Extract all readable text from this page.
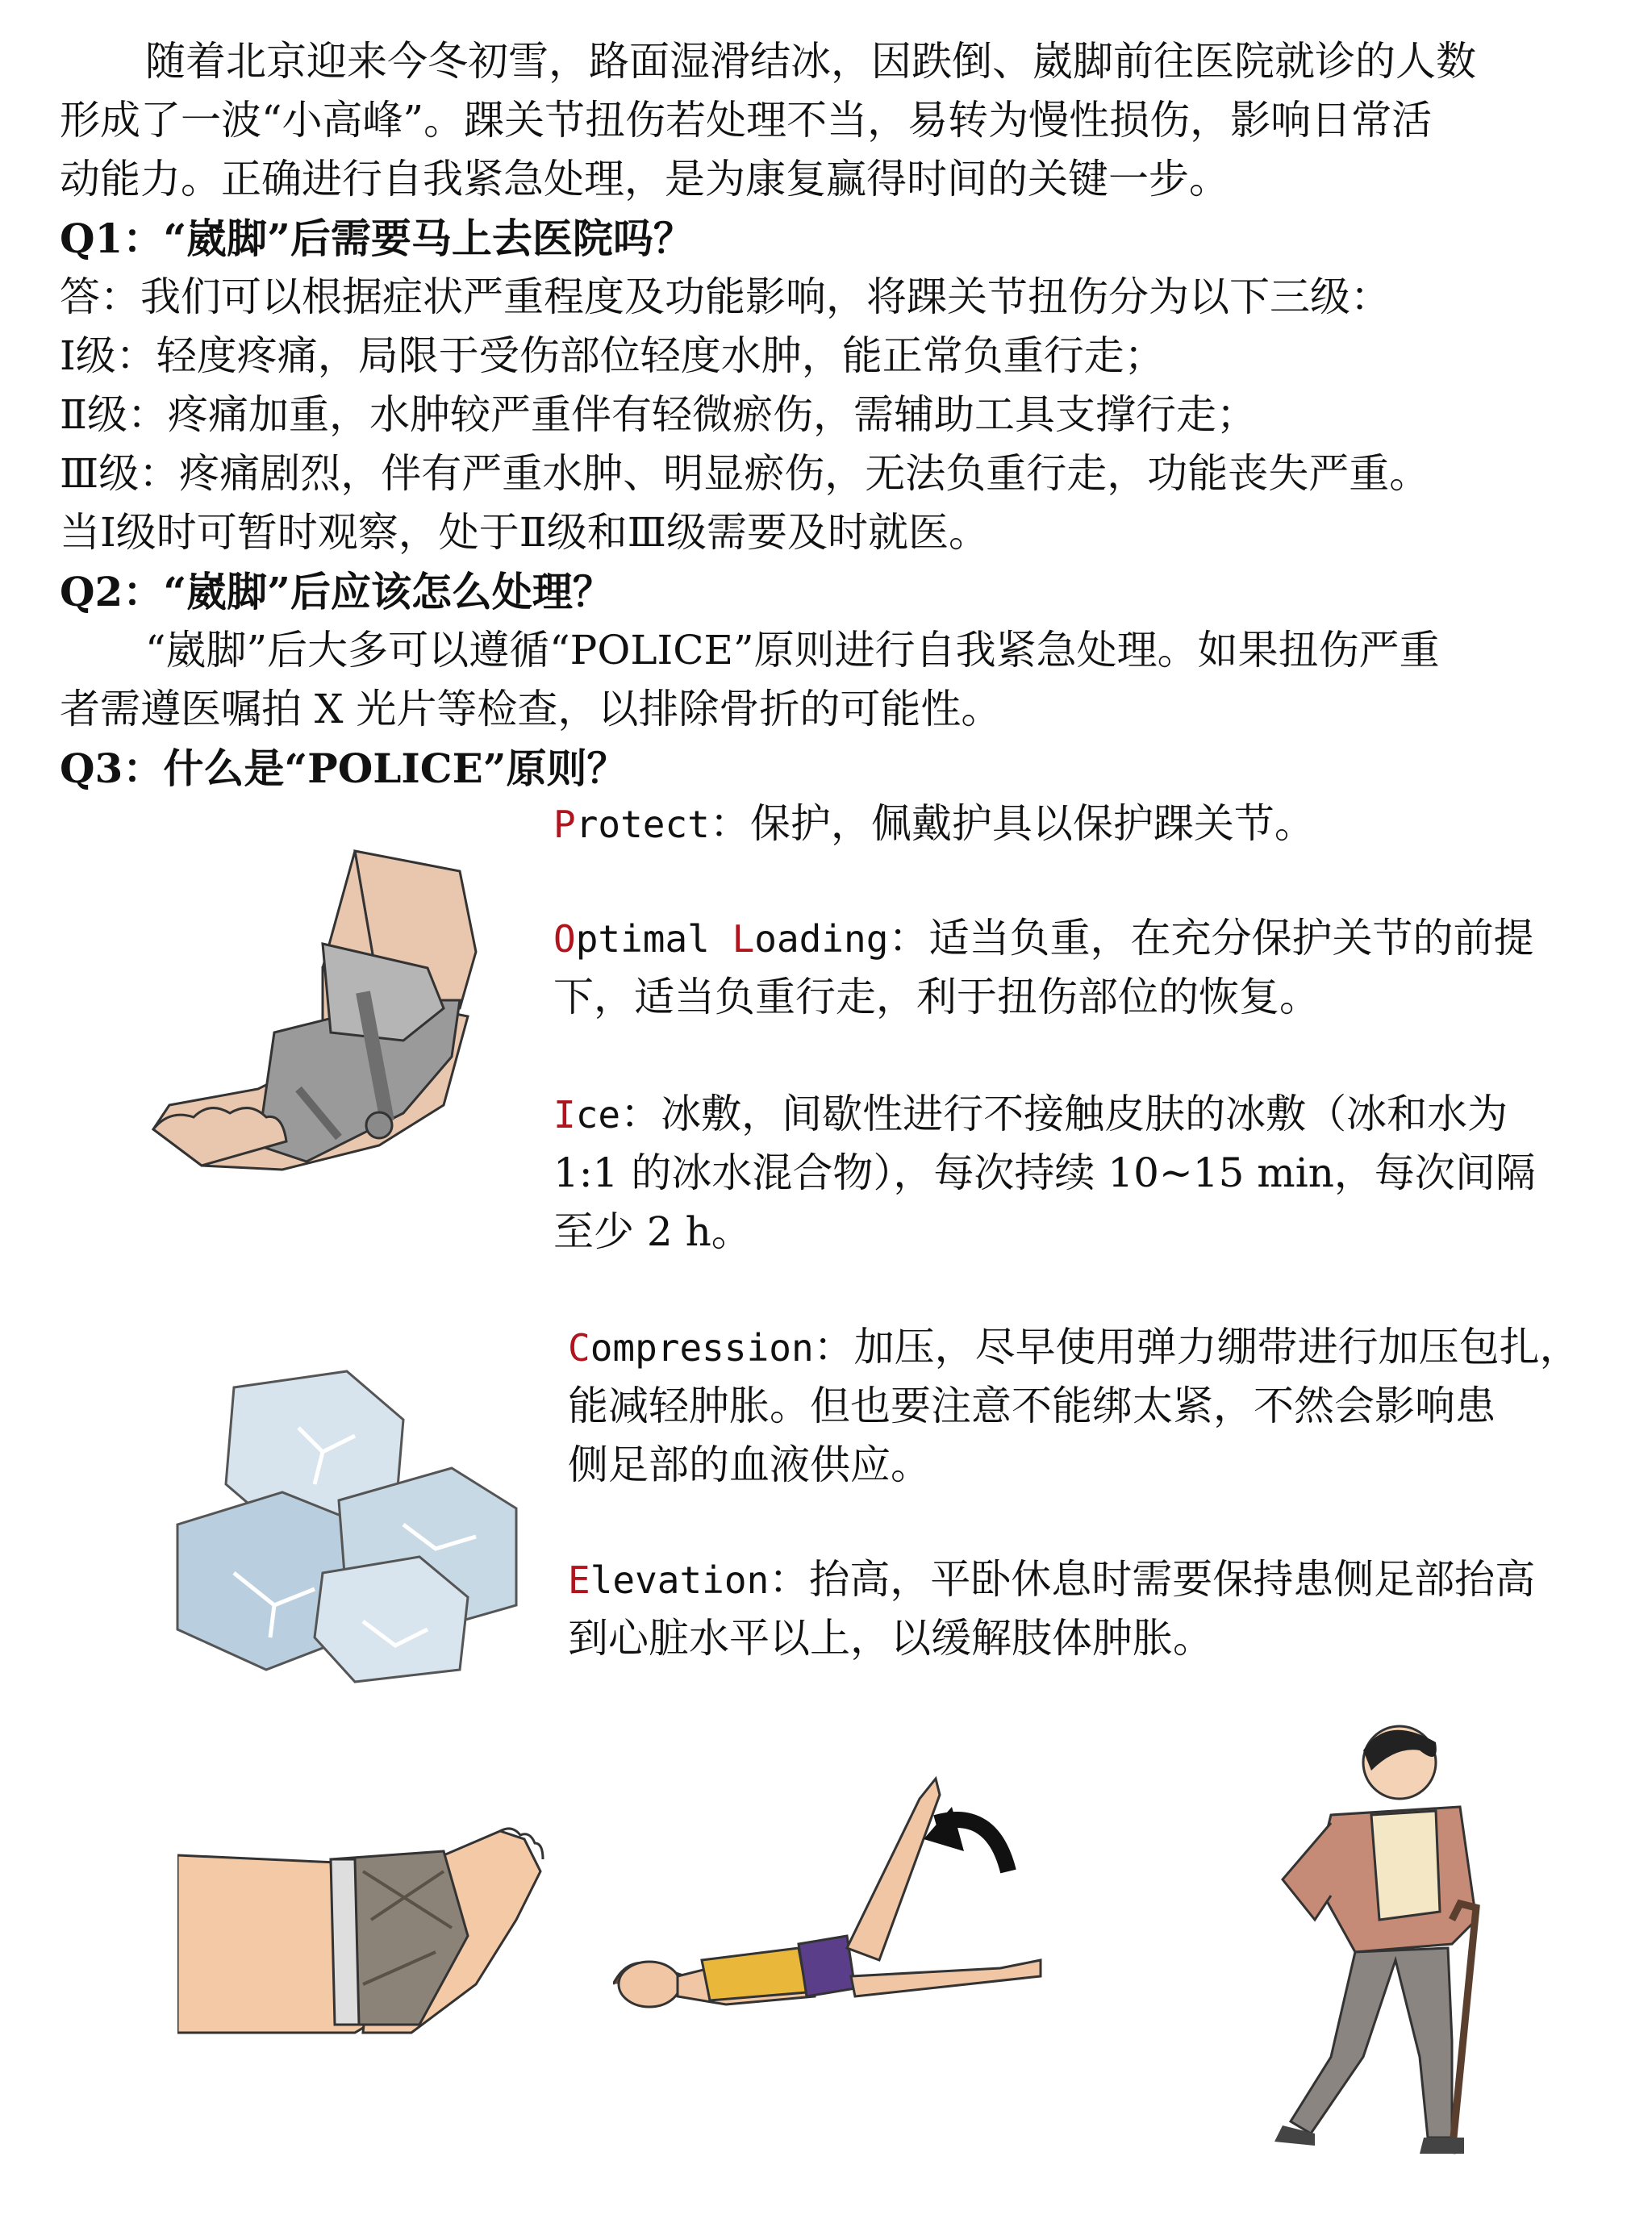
随着北京迎来今冬初雪，路面湿滑结冰，因跌倒、崴脚前往医院就诊的人数
形成了一波“小高峰”。踝关节扭伤若处理不当，易转为慢性损伤，影响日常活
动能力。正确进行自我紧急处理，是为康复赢得时间的关键一步。
Q1：“崴脚”后需要马上去医院吗？
答：我们可以根据症状严重程度及功能影响，将踝关节扭伤分为以下三级：
Ⅰ级：轻度疼痛，局限于受伤部位轻度水肿，能正常负重行走；
Ⅱ级：疼痛加重，水肿较严重伴有轻微瘀伤，需辅助工具支撑行走；
Ⅲ级：疼痛剧烈，伴有严重水肿、明显瘀伤，无法负重行走，功能丧失严重。
当Ⅰ级时可暂时观察，处于Ⅱ级和Ⅲ级需要及时就医。
Q2：“崴脚”后应该怎么处理？
“崴脚”后大多可以遵循“POLICE”原则进行自我紧急处理。如果扭伤严重
者需遵医嘱拍 X 光片等检查，以排除骨折的可能性。
Q3：什么是“POLICE”原则？
Protect：保护，佩戴护具以保护踝关节。
Optimal Loading：适当负重，在充分保护关节的前提
下，适当负重行走，利于扭伤部位的恢复。
Ice：冰敷，间歇性进行不接触皮肤的冰敷（冰和水为
1:1 的冰水混合物），每次持续 10~15 min，每次间隔
至少 2 h。
Compression：加压，尽早使用弹力绷带进行加压包扎，
能减轻肿胀。但也要注意不能绑太紧，不然会影响患
侧足部的血液供应。
Elevation：抬高，平卧休息时需要保持患侧足部抬高
到心脏水平以上，以缓解肢体肿胀。
